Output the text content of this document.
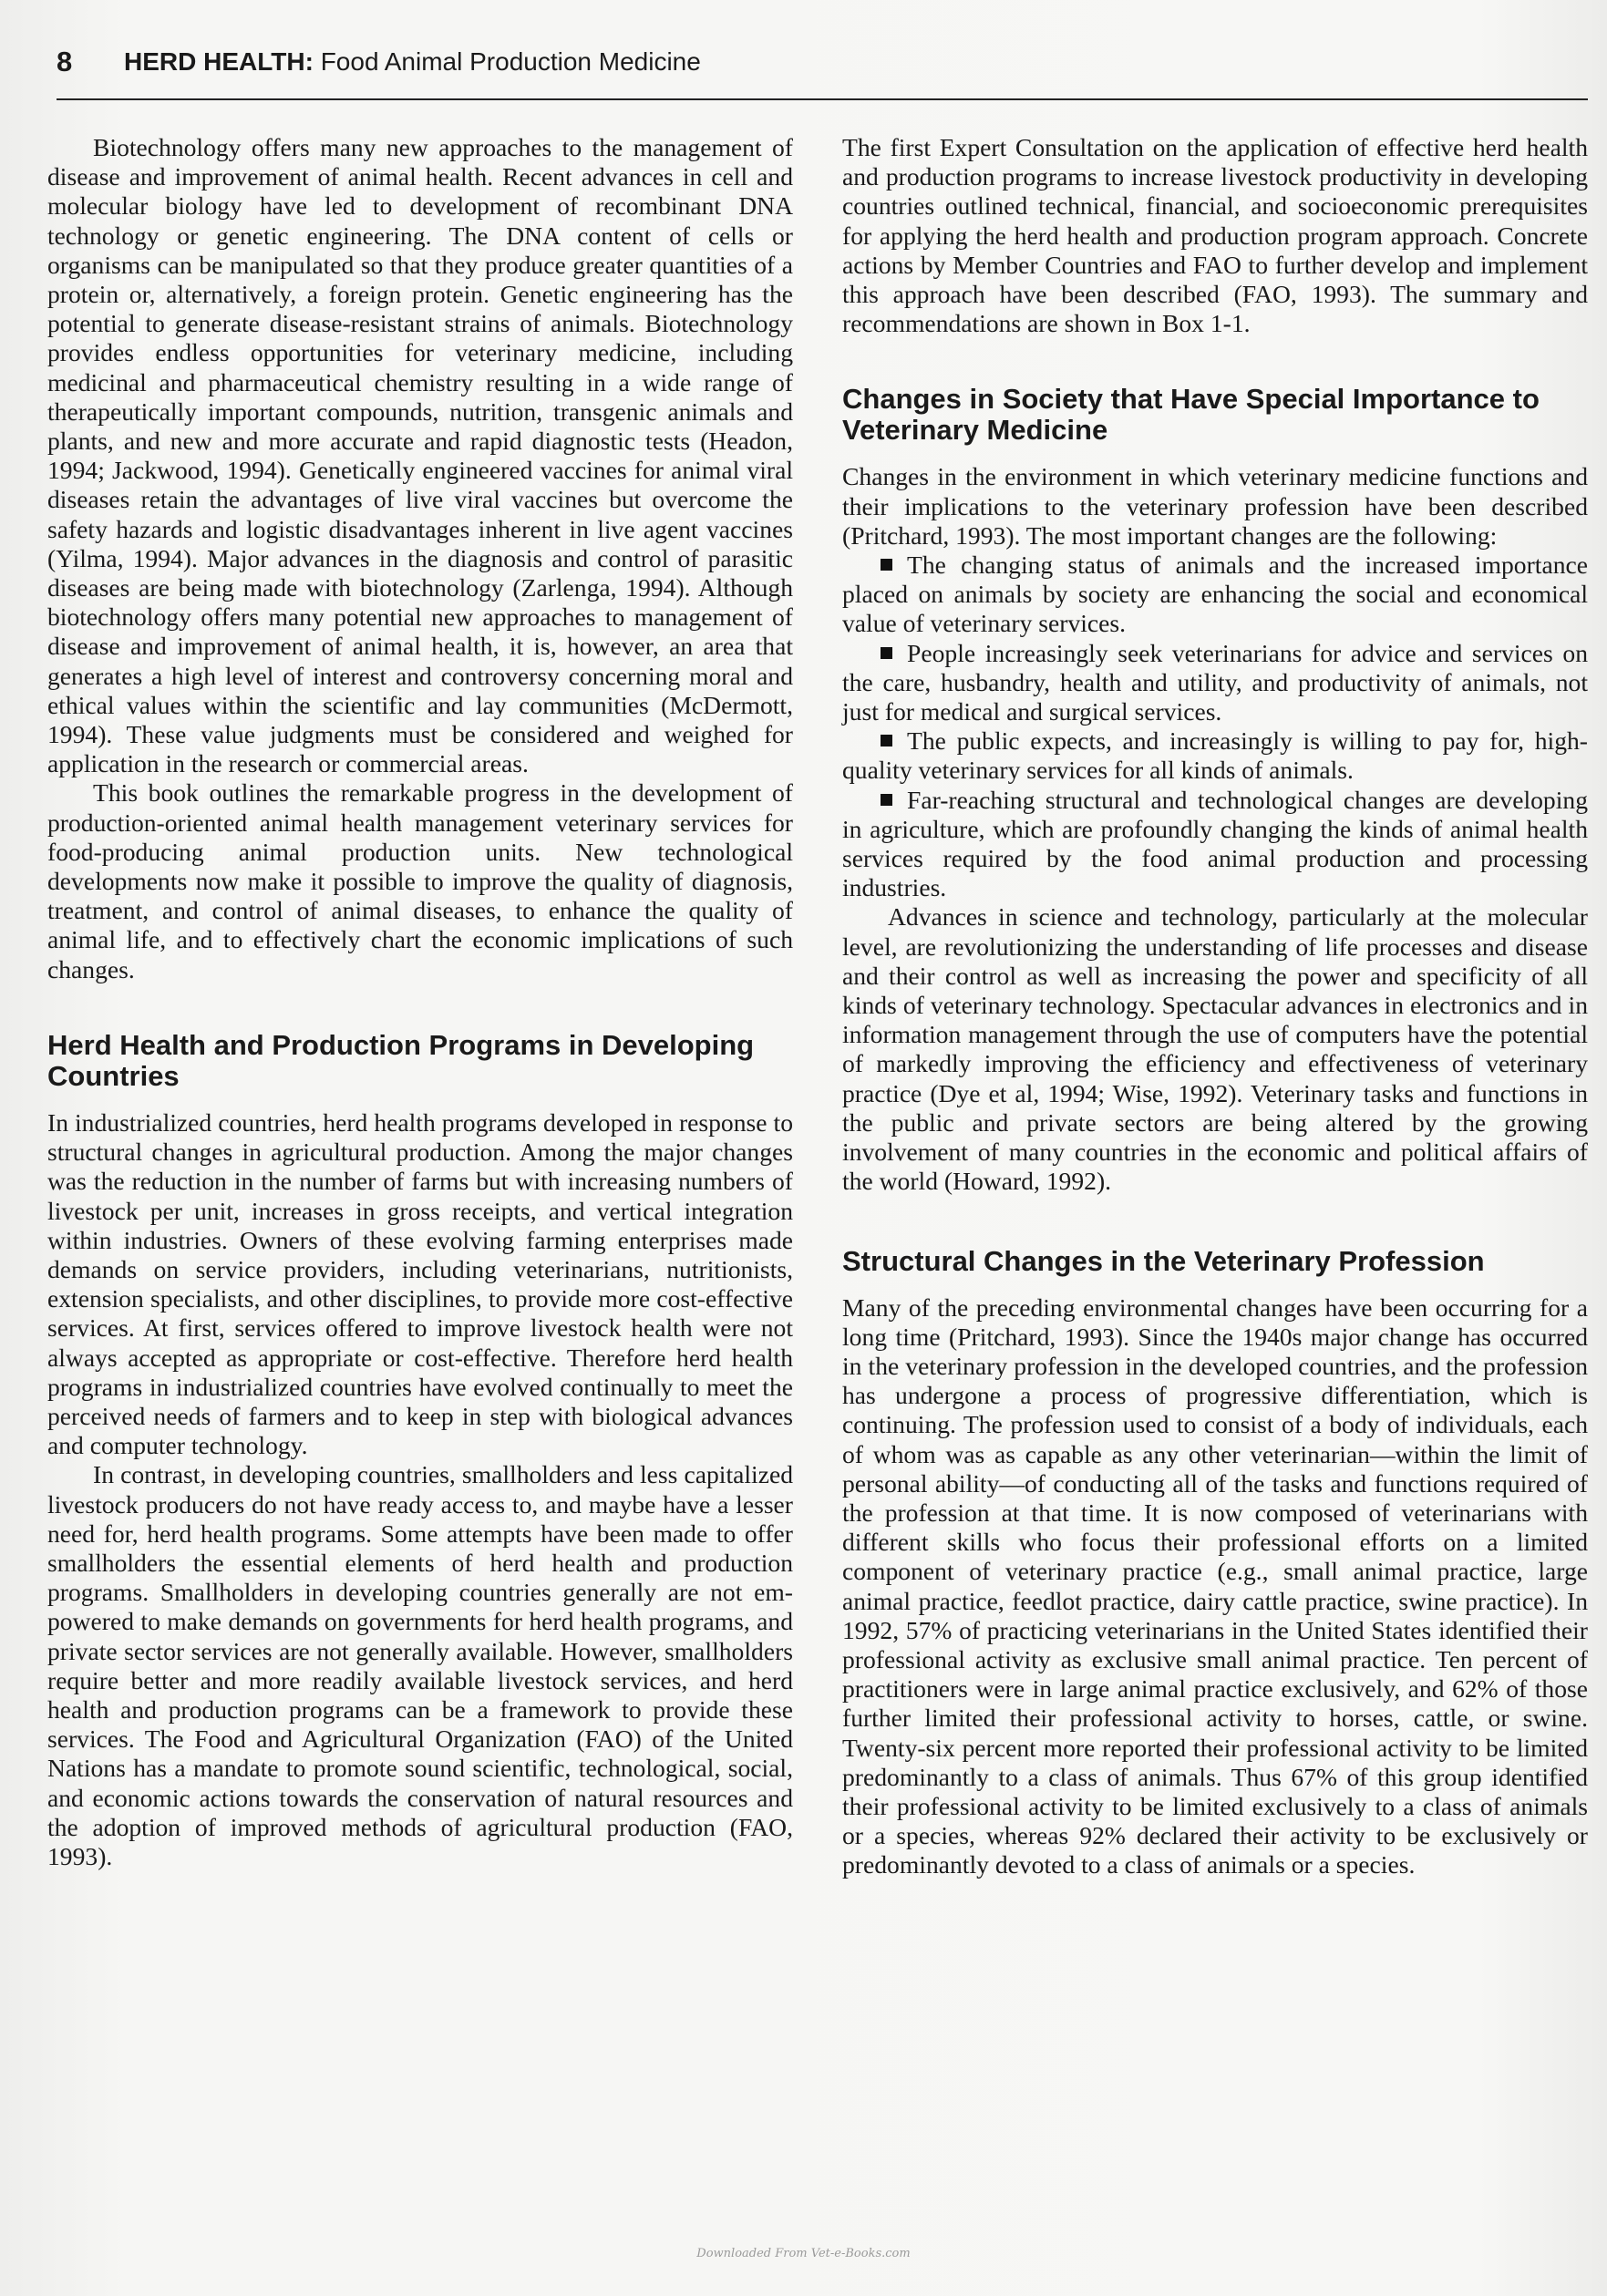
8 HERD HEALTH: Food Animal Production Medicine

Biotechnology offers many new approaches to the management of disease and improvement of animal health. Recent advances in cell and molecular biology have led to development of recombinant DNA technology or genetic engineering. The DNA content of cells or organisms can be manipulated so that they produce greater quantities of a protein or, alternatively, a foreign protein. Genetic engineering has the potential to generate disease-resistant strains of animals. Biotechnology provides endless opportunities for veterinary medicine, including medicinal and pharmaceutical chemistry resulting in a wide range of therapeutically important compounds, nutrition, transgenic animals and plants, and new and more accurate and rapid diagnostic tests (Headon, 1994; Jackwood, 1994). Genetically engineered vaccines for animal viral diseases retain the advantages of live viral vaccines but overcome the safety hazards and logistic disadvantages inherent in live agent vaccines (Yilma, 1994). Major advances in the diagnosis and control of parasitic diseases are being made with biotechnology (Zarlenga, 1994). Although biotechnology offers many potential new approaches to management of disease and improvement of animal health, it is, however, an area that generates a high level of interest and controversy concerning moral and ethical values within the scientific and lay communities (McDermott, 1994). These value judgments must be considered and weighed for application in the research or commercial areas.

This book outlines the remarkable progress in the development of production-oriented animal health management veterinary services for food-producing animal production units. New technological developments now make it possible to improve the quality of diagnosis, treatment, and control of animal diseases, to enhance the quality of animal life, and to effectively chart the economic implications of such changes.

Herd Health and Production Programs in Developing Countries

In industrialized countries, herd health programs developed in response to structural changes in agricultural production. Among the major changes was the reduction in the number of farms but with increasing numbers of livestock per unit, increases in gross receipts, and vertical integration within industries. Owners of these evolving farming enterprises made demands on service providers, including veterinarians, nutritionists, extension specialists, and other disciplines, to provide more cost-effective services. At first, services offered to improve livestock health were not always accepted as appropriate or cost-effective. Therefore herd health programs in industrialized countries have evolved continually to meet the perceived needs of farmers and to keep in step with biological advances and computer technology.

In contrast, in developing countries, smallholders and less capitalized livestock producers do not have ready access to, and maybe have a lesser need for, herd health programs. Some attempts have been made to offer smallholders the essential elements of herd health and production programs. Smallholders in developing countries generally are not empowered to make demands on governments for herd health programs, and private sector services are not generally available. However, smallholders require better and more readily available livestock services, and herd health and production programs can be a framework to provide these services. The Food and Agricultural Organization (FAO) of the United Nations has a mandate to promote sound scientific, technological, social, and economic actions towards the conservation of natural resources and the adoption of improved methods of agricultural production (FAO, 1993).

The first Expert Consultation on the application of effective herd health and production programs to increase livestock productivity in developing countries outlined technical, financial, and socioeconomic prerequisites for applying the herd health and production program approach. Concrete actions by Member Countries and FAO to further develop and implement this approach have been described (FAO, 1993). The summary and recommendations are shown in Box 1-1.

Changes in Society that Have Special Importance to Veterinary Medicine

Changes in the environment in which veterinary medicine functions and their implications to the veterinary profession have been described (Pritchard, 1993). The most important changes are the following:

The changing status of animals and the increased importance placed on animals by society are enhancing the social and economical value of veterinary services.

People increasingly seek veterinarians for advice and services on the care, husbandry, health and utility, and productivity of animals, not just for medical and surgical services.

The public expects, and increasingly is willing to pay for, high-quality veterinary services for all kinds of animals.

Far-reaching structural and technological changes are developing in agriculture, which are profoundly changing the kinds of animal health services required by the food animal production and processing industries.

Advances in science and technology, particularly at the molecular level, are revolutionizing the understanding of life processes and disease and their control as well as increasing the power and specificity of all kinds of veterinary technology. Spectacular advances in electronics and in information management through the use of computers have the potential of markedly improving the efficiency and effectiveness of veterinary practice (Dye et al, 1994; Wise, 1992). Veterinary tasks and functions in the public and private sectors are being altered by the growing involvement of many countries in the economic and political affairs of the world (Howard, 1992).

Structural Changes in the Veterinary Profession

Many of the preceding environmental changes have been occurring for a long time (Pritchard, 1993). Since the 1940s major change has occurred in the veterinary profession in the developed countries, and the profession has undergone a process of progressive differentiation, which is continuing. The profession used to consist of a body of individuals, each of whom was as capable as any other veterinarian—within the limit of personal ability—of conducting all of the tasks and functions required of the profession at that time. It is now composed of veterinarians with different skills who focus their professional efforts on a limited component of veterinary practice (e.g., small animal practice, large animal practice, feedlot practice, dairy cattle practice, swine practice). In 1992, 57% of practicing veterinarians in the United States identified their professional activity as exclusive small animal practice. Ten percent of practitioners were in large animal practice exclusively, and 62% of those further limited their professional activity to horses, cattle, or swine. Twenty-six percent more reported their professional activity to be limited predominantly to a class of animals. Thus 67% of this group identified their professional activity to be limited exclusively to a class of animals or a species, whereas 92% declared their activity to be exclusively or predominantly devoted to a class of animals or a species.

Downloaded From Vet-e-Books.com
